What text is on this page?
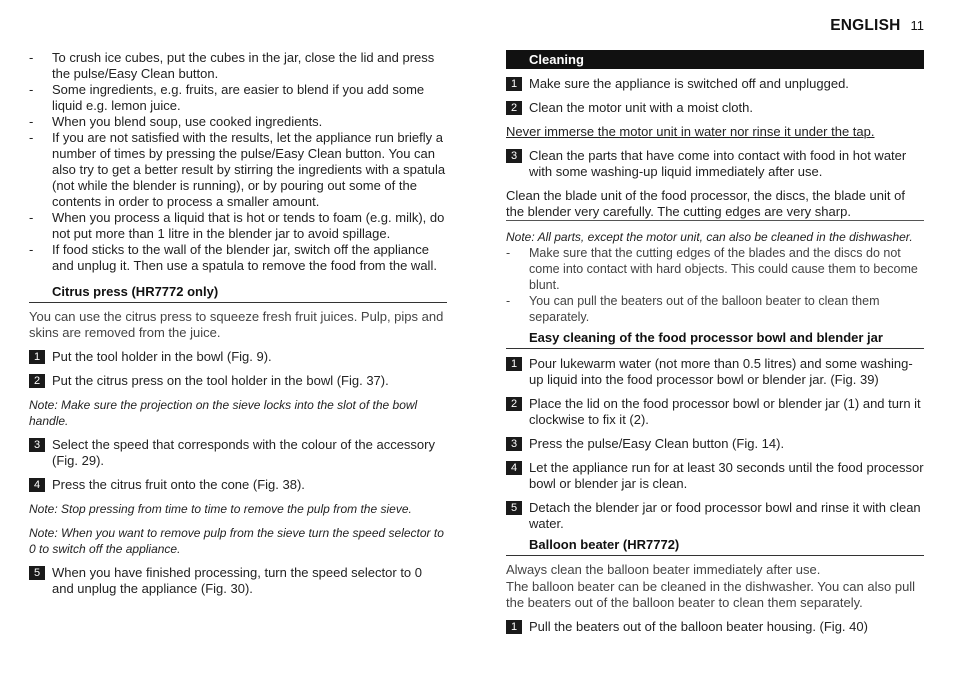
ENGLISH 11
- To crush ice cubes, put the cubes in the jar, close the lid and press the pulse/Easy Clean button.
- Some ingredients, e.g. fruits, are easier to blend if you add some liquid e.g. lemon juice.
- When you blend soup, use cooked ingredients.
- If you are not satisfied with the results, let the appliance run briefly a number of times by pressing the pulse/Easy Clean button. You can also try to get a better result by stirring the ingredients with a spatula (not while the blender is running), or by pouring out some of the contents in order to process a smaller amount.
- When you process a liquid that is hot or tends to foam (e.g. milk), do not put more than 1 litre in the blender jar to avoid spillage.
- If food sticks to the wall of the blender jar, switch off the appliance and unplug it. Then use a spatula to remove the food from the wall.
Citrus press (HR7772 only)
You can use the citrus press to squeeze fresh fruit juices. Pulp, pips and skins are removed from the juice.
1 Put the tool holder in the bowl (Fig. 9).
2 Put the citrus press on the tool holder in the bowl (Fig. 37).
Note: Make sure the projection on the sieve locks into the slot of the bowl handle.
3 Select the speed that corresponds with the colour of the accessory (Fig. 29).
4 Press the citrus fruit onto the cone (Fig. 38).
Note: Stop pressing from time to time to remove the pulp from the sieve.
Note: When you want to remove pulp from the sieve turn the speed selector to 0 to switch off the appliance.
5 When you have finished processing, turn the speed selector to 0 and unplug the appliance (Fig. 30).
Cleaning
1 Make sure the appliance is switched off and unplugged.
2 Clean the motor unit with a moist cloth.
Never immerse the motor unit in water nor rinse it under the tap.
3 Clean the parts that have come into contact with food in hot water with some washing-up liquid immediately after use.
Clean the blade unit of the food processor, the discs, the blade unit of the blender very carefully. The cutting edges are very sharp.
Note: All parts, except the motor unit, can also be cleaned in the dishwasher.
- Make sure that the cutting edges of the blades and the discs do not come into contact with hard objects. This could cause them to become blunt.
- You can pull the beaters out of the balloon beater to clean them separately.
Easy cleaning of the food processor bowl and blender jar
1 Pour lukewarm water (not more than 0.5 litres) and some washing-up liquid into the food processor bowl or blender jar. (Fig. 39)
2 Place the lid on the food processor bowl or blender jar (1) and turn it clockwise to fix it (2).
3 Press the pulse/Easy Clean button (Fig. 14).
4 Let the appliance run for at least 30 seconds until the food processor bowl or blender jar is clean.
5 Detach the blender jar or food processor bowl and rinse it with clean water.
Balloon beater (HR7772)
Always clean the balloon beater immediately after use.
The balloon beater can be cleaned in the dishwasher. You can also pull the beaters out of the balloon beater to clean them separately.
1 Pull the beaters out of the balloon beater housing. (Fig. 40)
